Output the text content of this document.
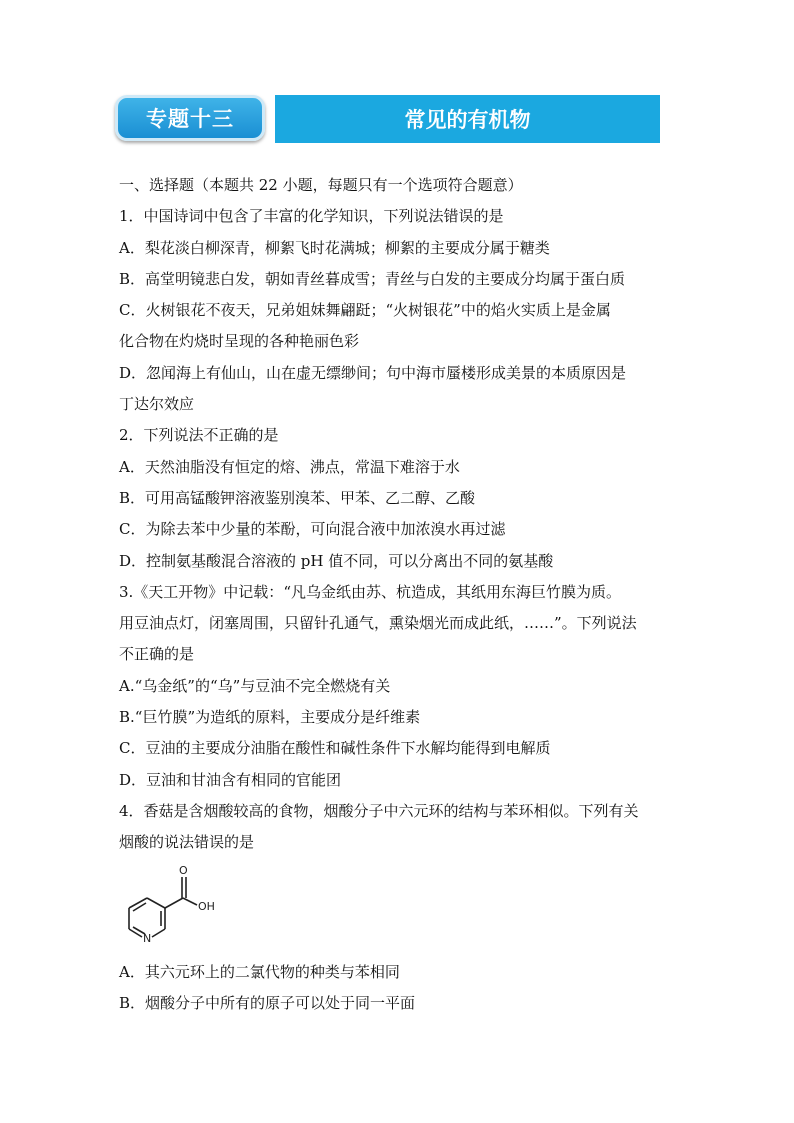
专题十三	常见的有机物
一、选择题（本题共 22 小题，每题只有一个选项符合题意）
1．中国诗词中包含了丰富的化学知识，下列说法错误的是
A．梨花淡白柳深青，柳絮飞时花满城；柳絮的主要成分属于糖类
B．高堂明镜悲白发，朝如青丝暮成雪；青丝与白发的主要成分均属于蛋白质
C．火树银花不夜天，兄弟姐妹舞翩跹；“火树银花”中的焰火实质上是金属
化合物在灼烧时呈现的各种艳丽色彩
D．忽闻海上有仙山，山在虚无缥缈间；句中海市蜃楼形成美景的本质原因是
丁达尔效应
2．下列说法不正确的是
A．天然油脂没有恒定的熔、沸点，常温下难溶于水
B．可用高锰酸钾溶液鉴别溴苯、甲苯、乙二醇、乙酸
C．为除去苯中少量的苯酚，可向混合液中加浓溴水再过滤
D．控制氨基酸混合溶液的 pH 值不同，可以分离出不同的氨基酸
3.《天工开物》中记载：“凡乌金纸由苏、杭造成，其纸用东海巨竹膜为质。
用豆油点灯，闭塞周围，只留针孔通气，熏染烟光而成此纸，……”。下列说法
不正确的是
A.“乌金纸”的“乌”与豆油不完全燃烧有关
B.“巨竹膜”为造纸的原料，主要成分是纤维素
C．豆油的主要成分油脂在酸性和碱性条件下水解均能得到电解质
D．豆油和甘油含有相同的官能团
4．香菇是含烟酸较高的食物，烟酸分子中六元环的结构与苯环相似。下列有关
烟酸的说法错误的是
O
OH
N
A．其六元环上的二氯代物的种类与苯相同
B．烟酸分子中所有的原子可以处于同一平面
